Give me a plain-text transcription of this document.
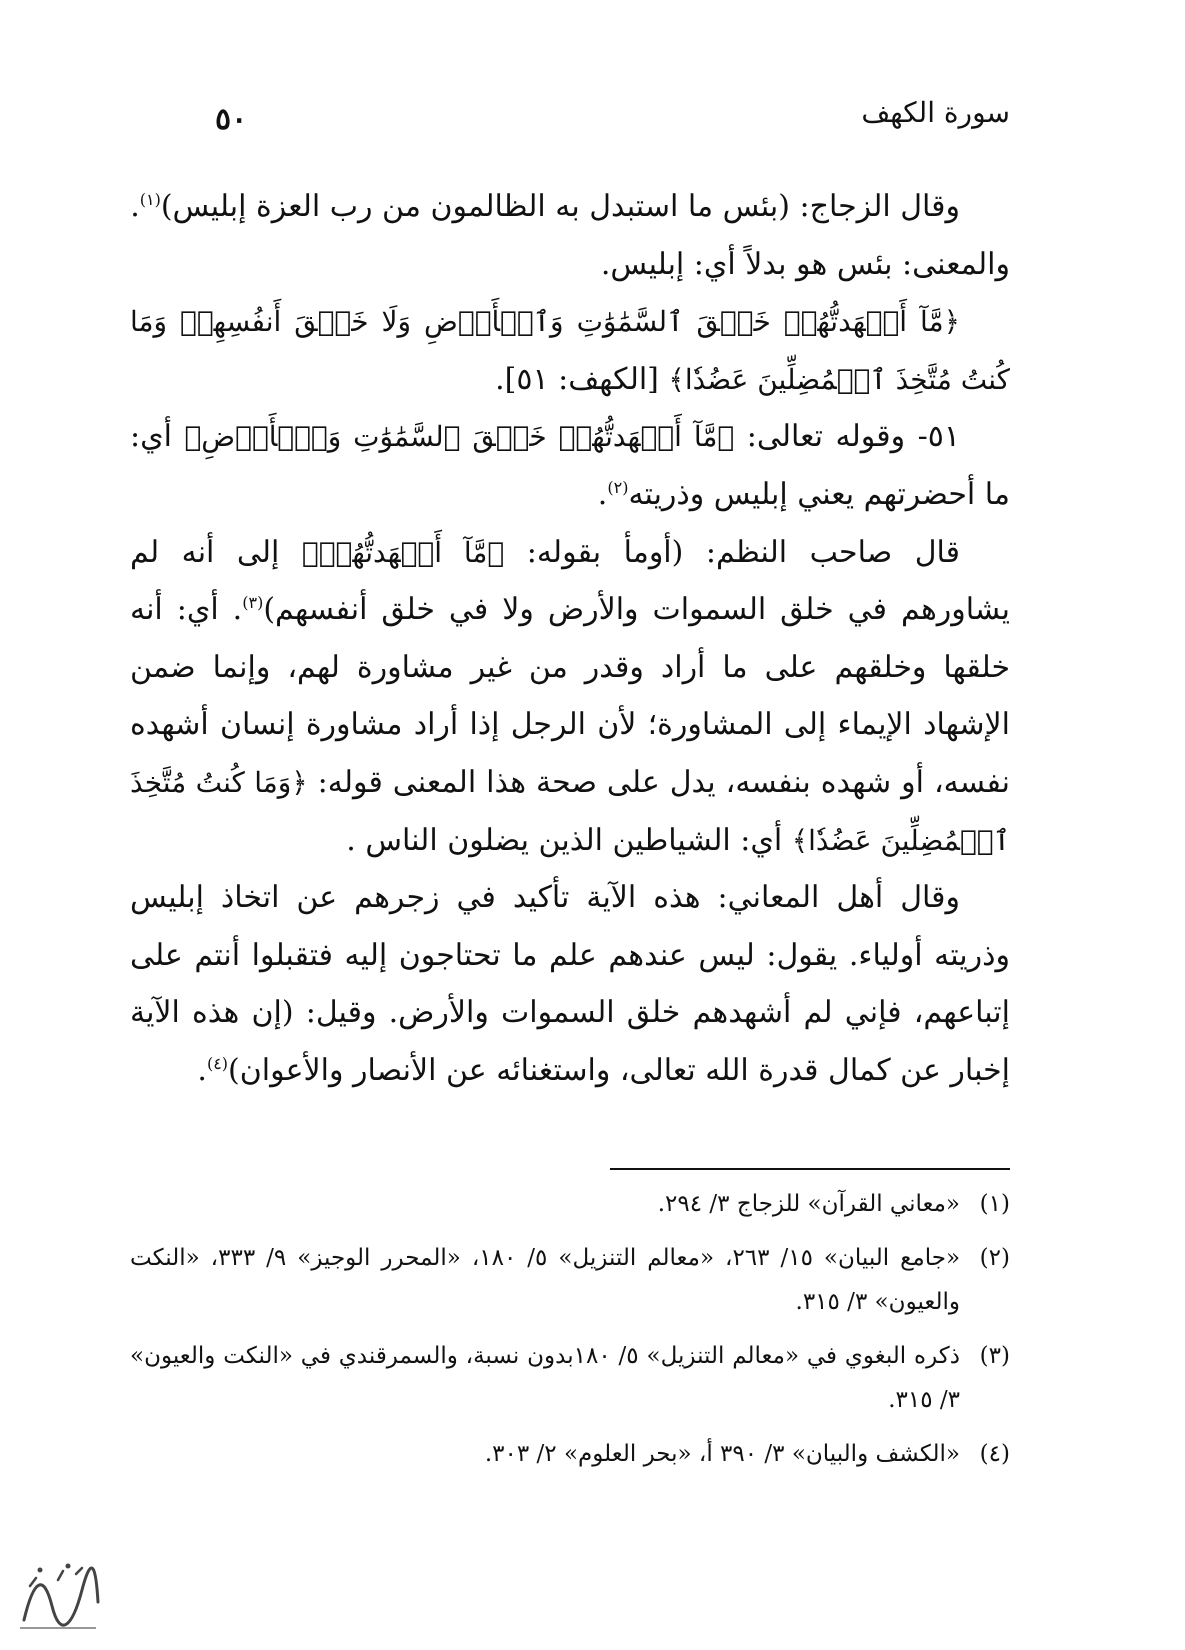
سورة الكهف
٥٠

وقال الزجاج: (بئس ما استبدل به الظالمون من رب العزة إبليس)$^{(١)}$.

والمعنى: بئس هو بدلاً أي: إبليس.

﴿مَّآ أَشۡهَدتُّهُمۡ خَلۡقَ ٱلسَّمَٰوَٰتِ وَٱلۡأَرۡضِ وَلَا خَلۡقَ أَنفُسِهِمۡ وَمَا كُنتُ مُتَّخِذَ ٱلۡمُضِلِّينَ عَضُدٗا﴾ [الكهف: ٥١].

٥١- وقوله تعالى: ﴿مَّآ أَشۡهَدتُّهُمۡ خَلۡقَ ٱلسَّمَٰوَٰتِ وَٱلۡأَرۡضِ﴾ أي: ما أحضرتهم يعني إبليس وذريته$^{(٢)}$.

قال صاحب النظم: (أومأ بقوله: ﴿مَّآ أَشۡهَدتُّهُمۡ﴾ إلى أنه لم يشاورهم في خلق السموات والأرض ولا في خلق أنفسهم)$^{(٣)}$. أي: أنه خلقها وخلقهم على ما أراد وقدر من غير مشاورة لهم، وإنما ضمن الإشهاد الإيماء إلى المشاورة؛ لأن الرجل إذا أراد مشاورة إنسان أشهده نفسه، أو شهده بنفسه، يدل على صحة هذا المعنى قوله: ﴿وَمَا كُنتُ مُتَّخِذَ ٱلۡمُضِلِّينَ عَضُدٗا﴾ أي: الشياطين الذين يضلون الناس .

وقال أهل المعاني: هذه الآية تأكيد في زجرهم عن اتخاذ إبليس وذريته أولياء. يقول: ليس عندهم علم ما تحتاجون إليه فتقبلوا أنتم على إتباعهم، فإني لم أشهدهم خلق السموات والأرض. وقيل: (إن هذه الآية إخبار عن كمال قدرة الله تعالى، واستغنائه عن الأنصار والأعوان)$^{(٤)}$.

(١)
«معاني القرآن» للزجاج ٣/ ٢٩٤.
(٢)
«جامع البيان» ١٥/ ٢٦٣، «معالم التنزيل» ٥/ ١٨٠، «المحرر الوجيز» ٩/ ٣٣٣، «النكت والعيون» ٣/ ٣١٥.
(٣)
ذكره البغوي في «معالم التنزيل» ٥/ ١٨٠بدون نسبة، والسمرقندي في «النكت والعيون» ٣/ ٣١٥.
(٤)
«الكشف والبيان» ٣/ ٣٩٠ أ، «بحر العلوم» ٢/ ٣٠٣.
